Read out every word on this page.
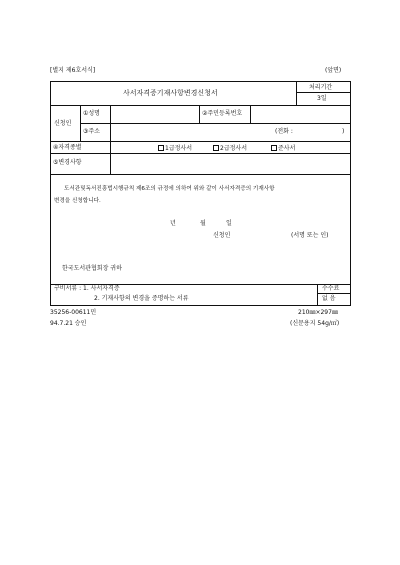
[별지 제6호서식]	(앞면)
사서자격증기재사항변경신청서
처리기간
3일
신청인
①성명	②주민등록번호
③주소	(전화 :	)
④자격종별	1급정사서	2급정사서	준사서
⑤변경사항
도서관및독서진흥법시행규칙 제6조의 규정에 의하여 위와 같이 사서자격증의 기재사항
변경을 신청합니다.
년	월	일
신청인	(서명 또는 인)
한국도서관협회장 귀하
구비서류 : 1. 사서자격증
2. 기재사항의 변경을 증명하는 서류
수수료
없 음
35256-00611민
94.7.21 승인
210㎜×297㎜
(신문용지 54g/㎡)
